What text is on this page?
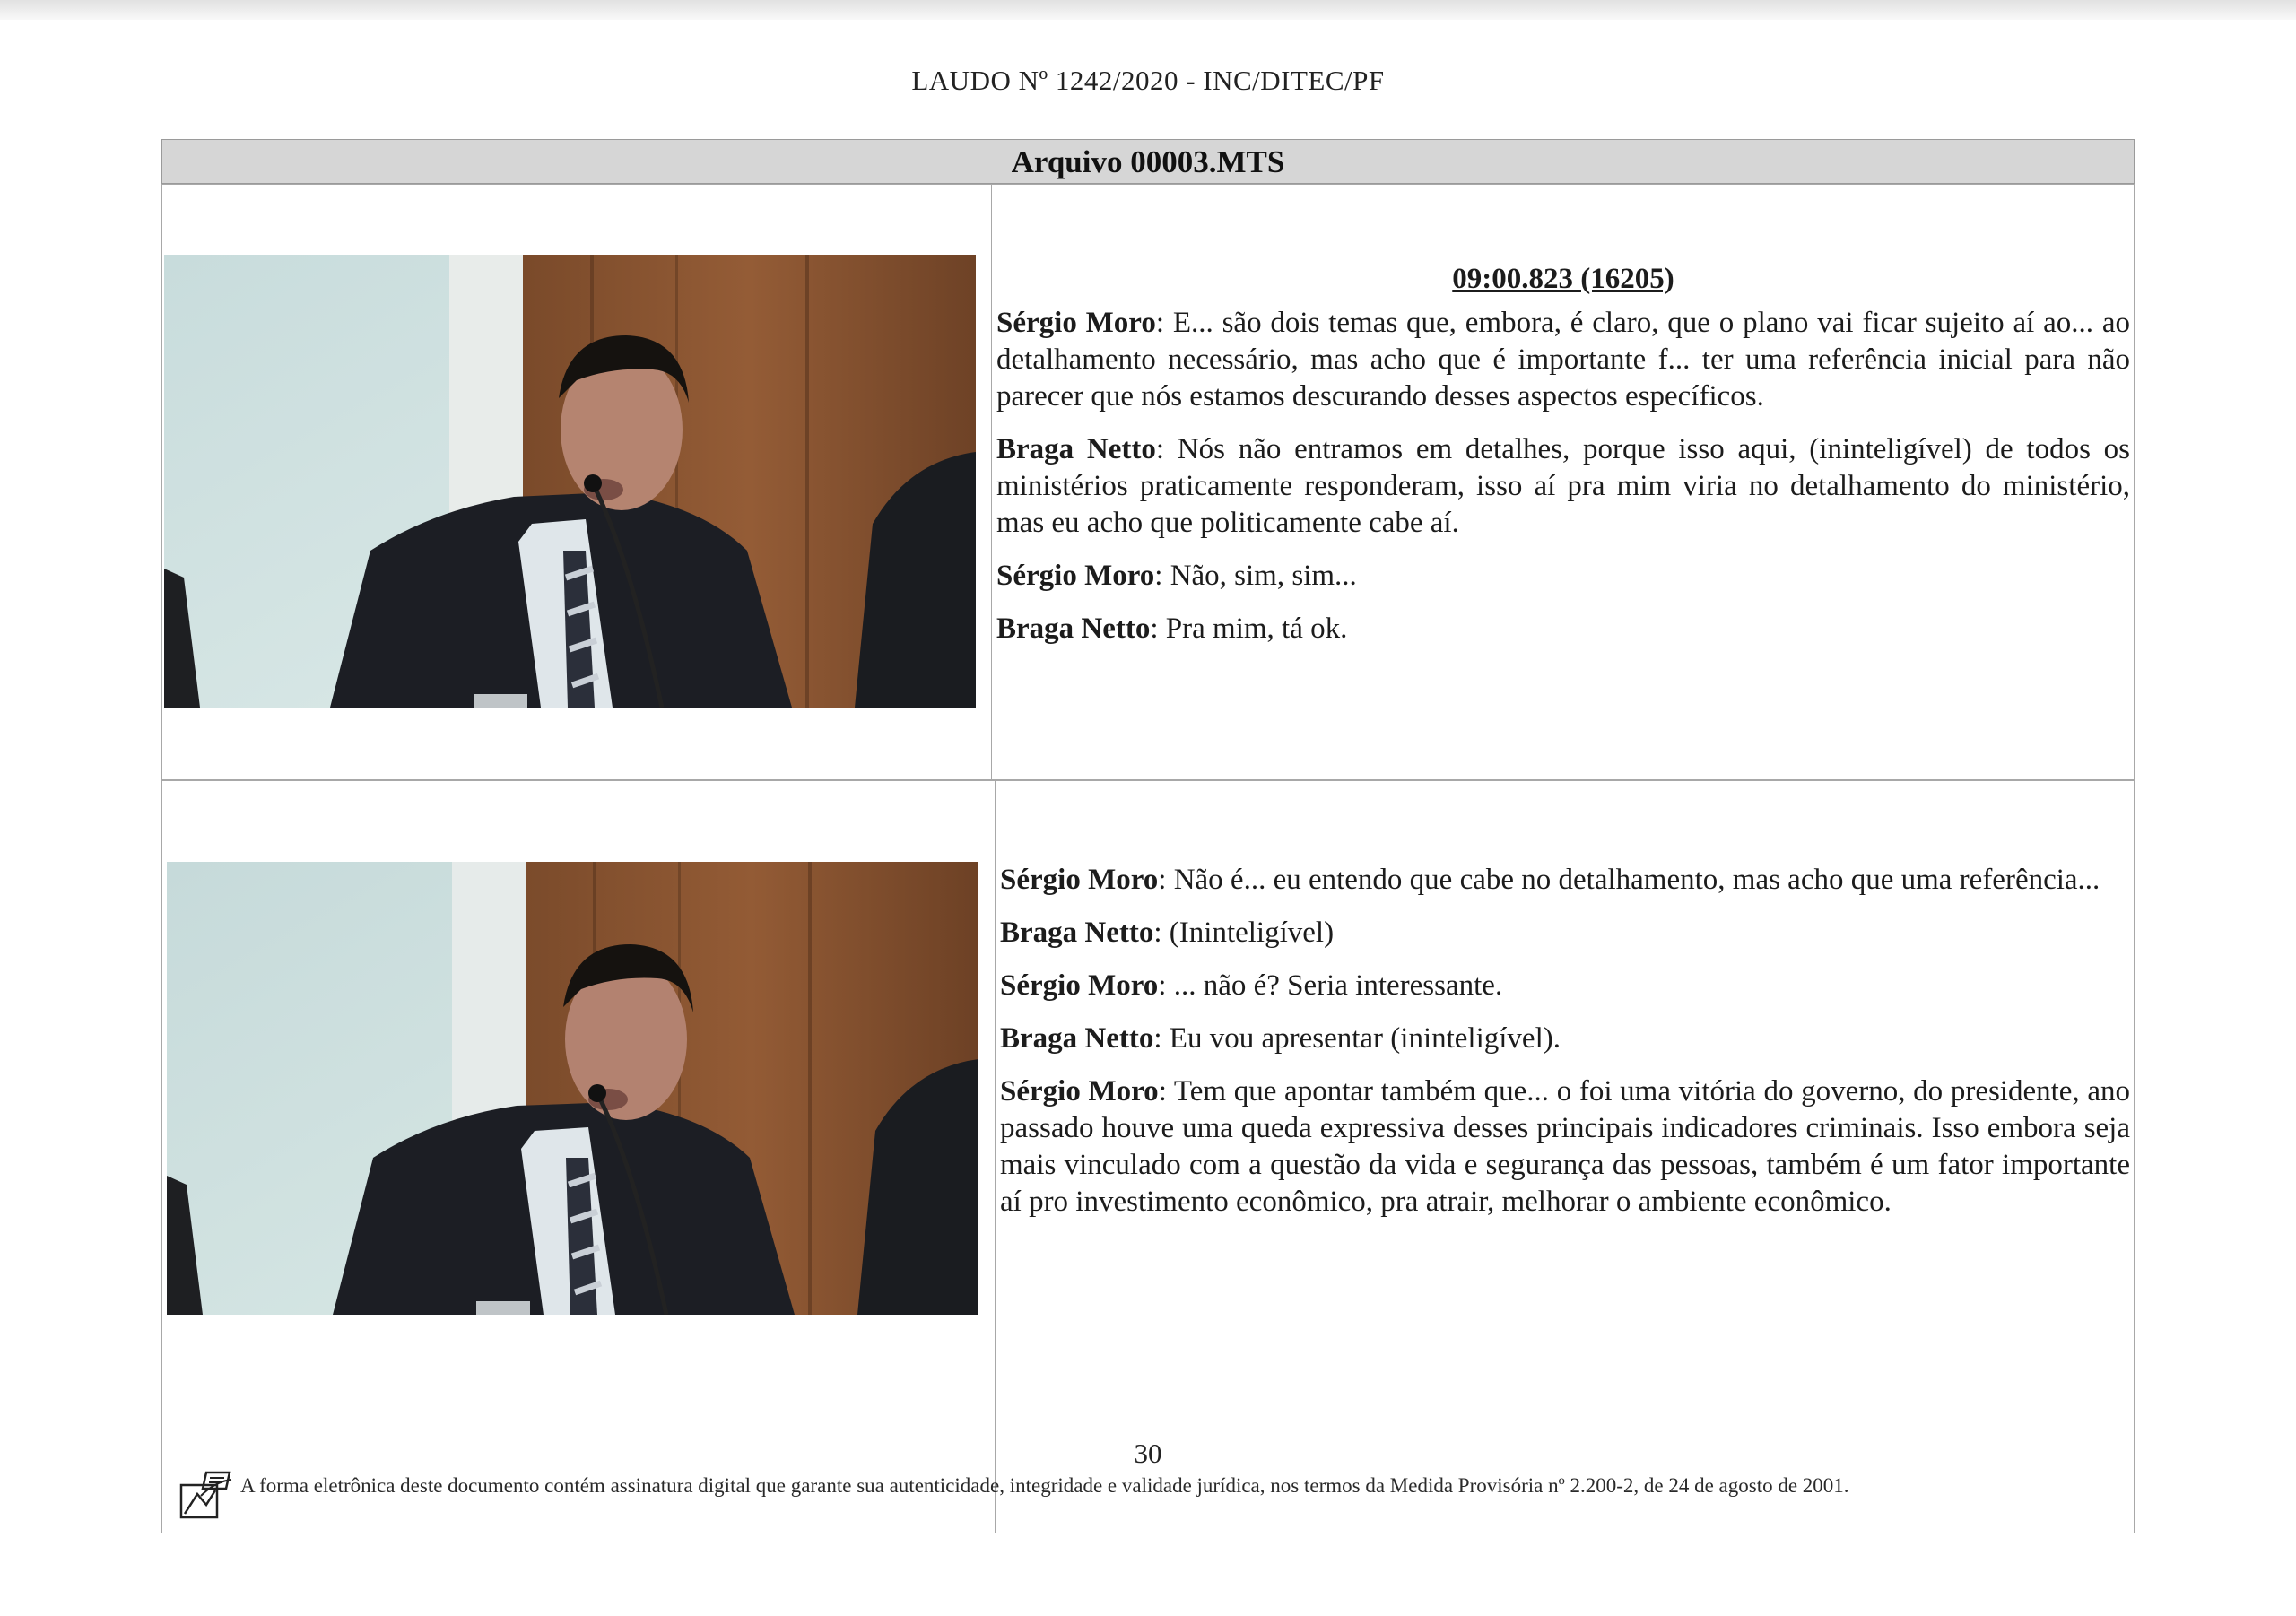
LAUDO Nº 1242/2020 - INC/DITEC/PF
Arquivo 00003.MTS

09:00.823 (16205)

Sérgio Moro: E... são dois temas que, embora, é claro, que o plano vai ficar sujeito aí ao... ao detalhamento necessário, mas acho que é importante f... ter uma referência inicial para não parecer que nós estamos descurando desses aspectos específicos.

Braga Netto: Nós não entramos em detalhes, porque isso aqui, (ininteligível) de todos os ministérios praticamente responderam, isso aí pra mim viria no detalhamento do ministério, mas eu acho que politicamente cabe aí.

Sérgio Moro: Não, sim, sim...

Braga Netto: Pra mim, tá ok.

Sérgio Moro: Não é... eu entendo que cabe no detalhamento, mas acho que uma referência...

Braga Netto: (Ininteligível)

Sérgio Moro: ... não é? Seria interessante.

Braga Netto: Eu vou apresentar (ininteligível).

Sérgio Moro: Tem que apontar também que... o foi uma vitória do governo, do presidente, ano passado houve uma queda expressiva desses principais indicadores criminais. Isso embora seja mais vinculado com a questão da vida e segurança das pessoas, também é um fator importante aí pro investimento econômico, pra atrair, melhorar o ambiente econômico.

30
A forma eletrônica deste documento contém assinatura digital que garante sua autenticidade, integridade e validade jurídica, nos termos da Medida Provisória nº 2.200-2, de 24 de agosto de 2001.
